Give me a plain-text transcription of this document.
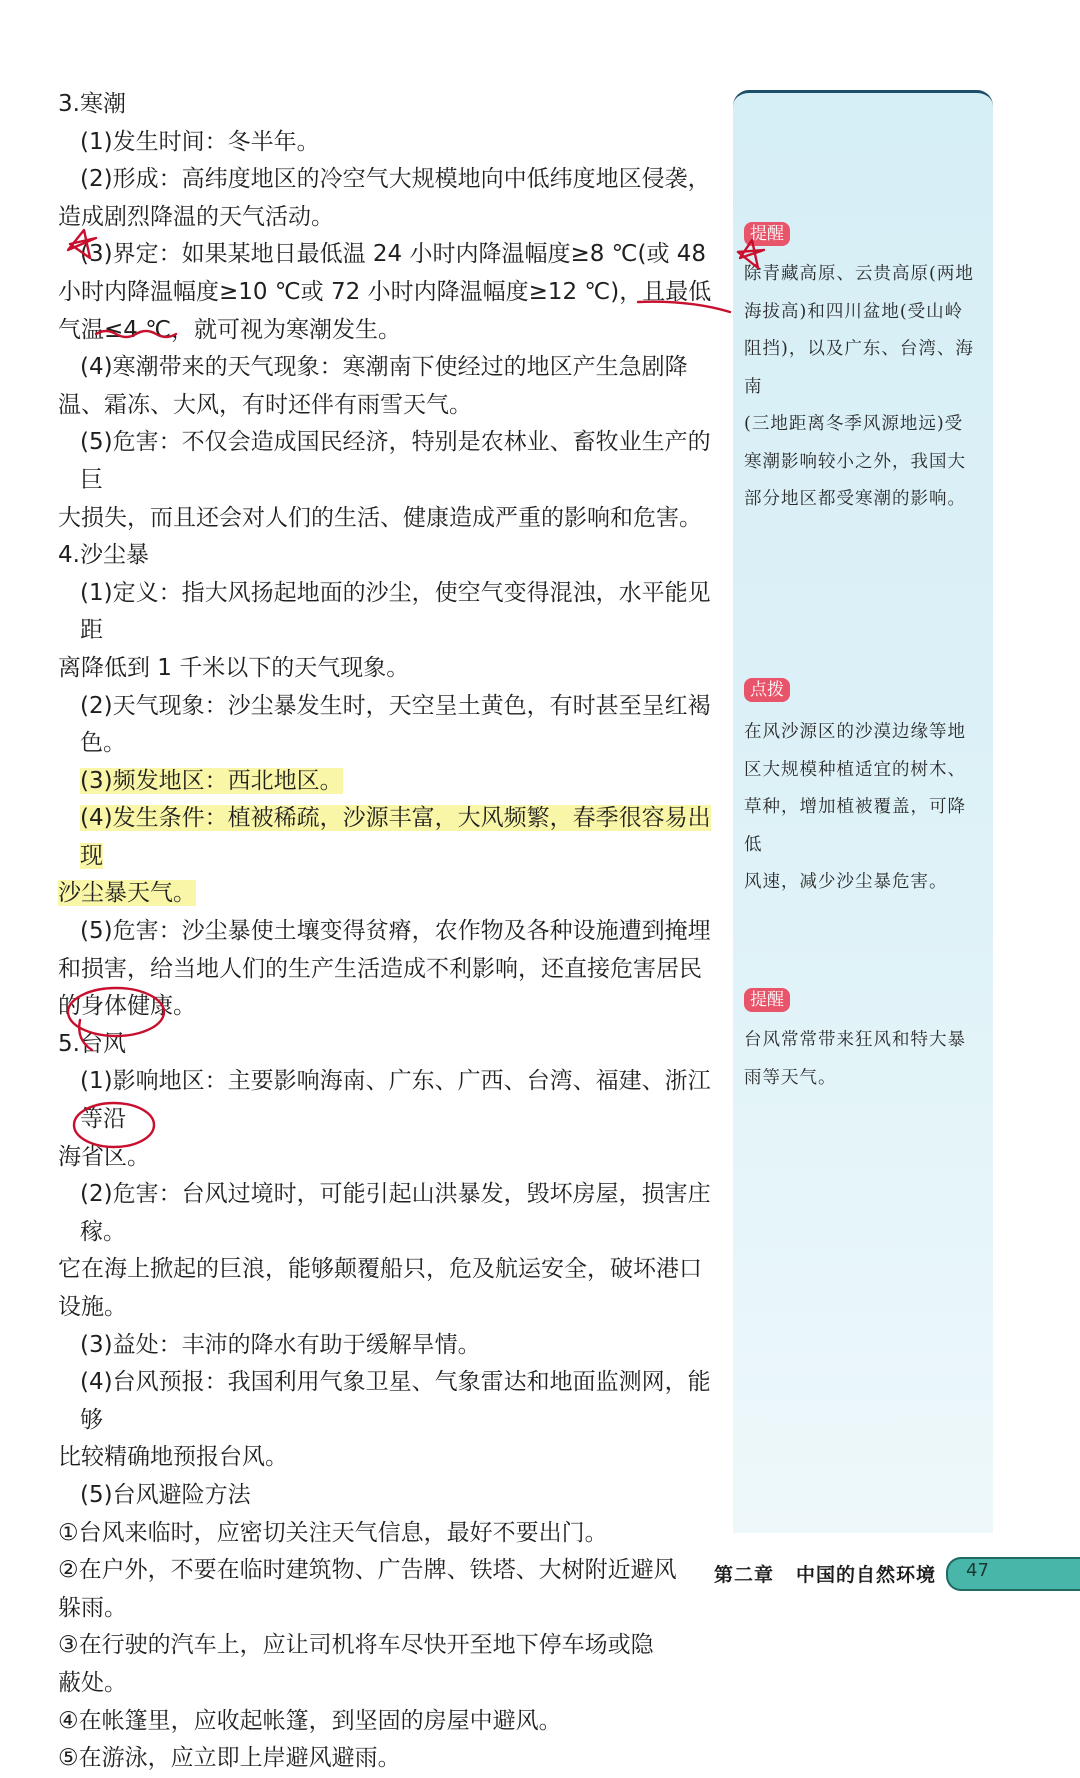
3.寒潮
(1)发生时间：冬半年。
(2)形成：高纬度地区的冷空气大规模地向中低纬度地区侵袭，
造成剧烈降温的天气活动。
(3)界定：如果某地日最低温 24 小时内降温幅度≥8 ℃(或 48
小时内降温幅度≥10 ℃或 72 小时内降温幅度≥12 ℃)，且最低
气温≤4 ℃，就可视为寒潮发生。
(4)寒潮带来的天气现象：寒潮南下使经过的地区产生急剧降
温、霜冻、大风，有时还伴有雨雪天气。
(5)危害：不仅会造成国民经济，特别是农林业、畜牧业生产的巨
大损失，而且还会对人们的生活、健康造成严重的影响和危害。
4.沙尘暴
(1)定义：指大风扬起地面的沙尘，使空气变得混浊，水平能见距
离降低到 1 千米以下的天气现象。
(2)天气现象：沙尘暴发生时，天空呈土黄色，有时甚至呈红褐色。
(3)频发地区：西北地区。
(4)发生条件：植被稀疏，沙源丰富，大风频繁，春季很容易出现
沙尘暴天气。
(5)危害：沙尘暴使土壤变得贫瘠，农作物及各种设施遭到掩埋
和损害，给当地人们的生产生活造成不利影响，还直接危害居民
的身体健康。
5.台风
(1)影响地区：主要影响海南、广东、广西、台湾、福建、浙江等沿
海省区。
(2)危害：台风过境时，可能引起山洪暴发，毁坏房屋，损害庄稼。
它在海上掀起的巨浪，能够颠覆船只，危及航运安全，破坏港口
设施。
(3)益处：丰沛的降水有助于缓解旱情。
(4)台风预报：我国利用气象卫星、气象雷达和地面监测网，能够
比较精确地预报台风。
(5)台风避险方法
①台风来临时，应密切关注天气信息，最好不要出门。
②在户外，不要在临时建筑物、广告牌、铁塔、大树附近避风
躲雨。
③在行驶的汽车上，应让司机将车尽快开至地下停车场或隐
蔽处。
④在帐篷里，应收起帐篷，到坚固的房屋中避风。
⑤在游泳，应立即上岸避风避雨。
提醒
除青藏高原、云贵高原(两地
海拔高)和四川盆地(受山岭
阻挡)，以及广东、台湾、海南
(三地距离冬季风源地远)受
寒潮影响较小之外，我国大
部分地区都受寒潮的影响。
点拨
在风沙源区的沙漠边缘等地
区大规模种植适宜的树木、
草种，增加植被覆盖，可降低
风速，减少沙尘暴危害。
提醒
台风常常带来狂风和特大暴
雨等天气。
第二章 中国的自然环境 47
